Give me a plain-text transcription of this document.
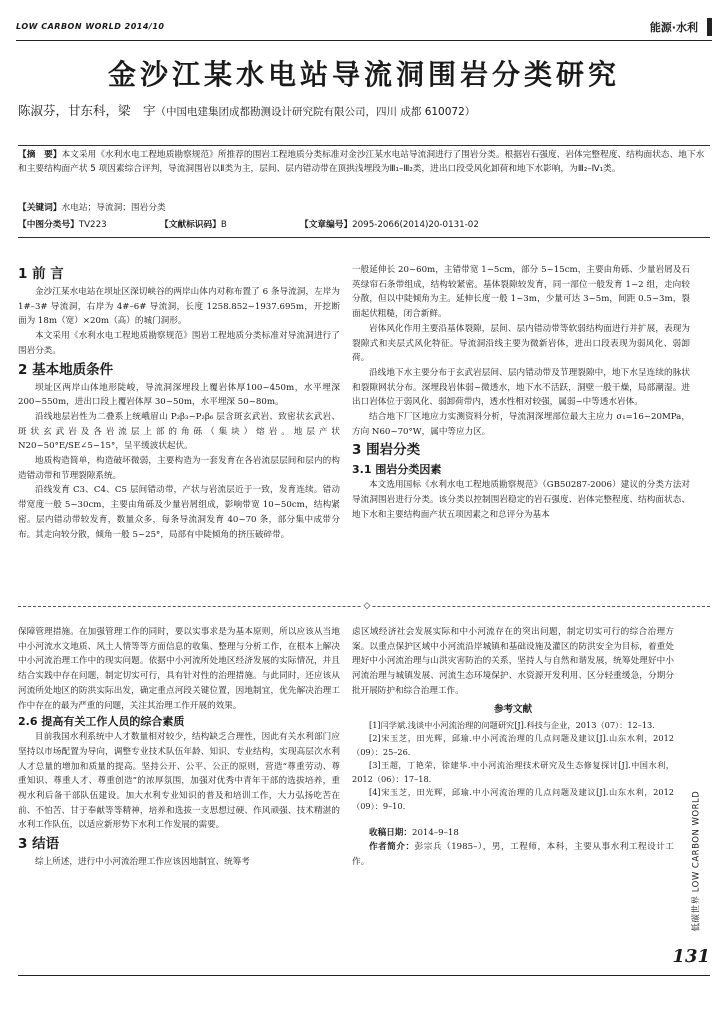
LOW CARBON WORLD 2014/10	能源·水利
金沙江某水电站导流洞围岩分类研究
陈淑芬，甘东科，梁　宇（中国电建集团成都勘测设计研究院有限公司，四川 成都 610072）
【摘　要】本文采用《水利水电工程地质勘察规范》所推荐的围岩工程地质分类标准对金沙江某水电站导流洞进行了围岩分类。根据岩石强度、岩体完整程度、结构面状态、地下水和主要结构面产状 5 项因素综合评判，导流洞围岩以Ⅱ类为主，层间、层内错动带在顶拱浅埋段为Ⅲ₁–Ⅲ₂类，进出口段受风化卸荷和地下水影响，为Ⅲ₂–Ⅳ₁类。
【关键词】水电站；导流洞；围岩分类
【中图分类号】TV223	【文献标识码】B	【文章编号】2095-2066(2014)20-0131-02
1 前 言

金沙江某水电站在坝址区深切峡谷的两岸山体内对称布置了 6 条导流洞，左岸为 1#–3# 导流洞，右岸为 4#–6# 导流洞，长度 1258.852~1937.695m，开挖断面为 18m（宽）×20m（高）的城门洞形。

本文采用《水利水电工程地质勘察规范》围岩工程地质分类标准对导流洞进行了围岩分类。

2 基本地质条件

坝址区两岸山体地形陡峻，导流洞深埋段上覆岩体厚100~450m，水平埋深 200~550m，进出口段上覆岩体厚 30~50m，水平埋深 50~80m。

沿线地层岩性为二叠系上统峨眉山 P₂β₃~P₂β₆ 层含斑玄武岩、致密状玄武岩、斑状玄武岩及各岩流层上部的角砾（集块）熔岩。地层产状 N20~50°E/SE∠5~15°，呈平缓波状起伏。

地质构造简单，构造破坏微弱，主要构造为一套发育在各岩流层层间和层内的构造错动带和节理裂隙系统。

沿线发育 C3、C4、C5 层间错动带，产状与岩流层近于一致，发育连续。错动带宽度一般 5~30cm，主要由角砾及少量岩屑组成，影响带宽 10~50cm，结构紧密。层内错动带较发育，数量众多，每条导流洞发育 40~70 条，部分集中成带分布。其走向较分散，倾角一般 5~25°，局部有中陡倾角的挤压破碎带。

一般延伸长 20~60m，主错带宽 1~5cm，部分 5~15cm，主要由角砾、少量岩屑及石英绿帘石条带组成，结构较紧密。基体裂隙较发育，同一部位一般发育 1~2 组，走向较分散，但以中陡倾角为主。延伸长度一般 1~3m，少量可达 3~5m，间距 0.5~3m，裂面起伏粗糙，闭合新鲜。

岩体风化作用主要沿基体裂隙，层间、层内错动带等软弱结构面进行并扩展，表现为裂隙式和夹层式风化特征。导流洞沿线主要为微新岩体，进出口段表现为弱风化、弱卸荷。

沿线地下水主要分布于玄武岩层间、层内错动带及节理裂隙中，地下水呈连续的脉状和裂隙网状分布。深埋段岩体弱~微透水，地下水不活跃，洞壁一般干燥，局部潮湿。进出口岩体位于弱风化、弱卸荷带内，透水性相对较强，属弱~中等透水岩体。

结合地下厂区地应力实测资料分析，导流洞深埋部位最大主应力 σ₁=16~20MPa，方向 N60~70°W，属中等应力区。

3 围岩分类
3.1 围岩分类因素

本文选用国标《水利水电工程地质勘察规范》（GB50287-2006）建议的分类方法对导流洞围岩进行分类。该分类以控制围岩稳定的岩石强度、岩体完整程度、结构面状态、地下水和主要结构面产状五项因素之和总评分为基本

◇

保障管理措施。在加强管理工作的同时，要以实事求是为基本原则，所以应该从当地中小河流水文地质、风土人情等等方面信息的收集、整理与分析工作，在根本上解决中小河流治理工作中的现实问题。依据中小河流所处地区经济发展的实际情况，并且结合实践中存在问题，制定切实可行，具有针对性的治理措施。与此同时，还应该从河流所处地区的防洪实际出发，确定重点河段关键位置，因地制宜，优先解决治理工作中存在的最为严重的问题，关注其治理工作开展的效果。

2.6 提高有关工作人员的综合素质

目前我国水利系统中人才数量相对较少，结构缺乏合理性，因此有关水利部门应坚持以市场配置为导向，调整专业技术队伍年龄、知识、专业结构，实现高层次水利人才总量的增加和质量的提高。坚持公开、公平、公正的原则，营造“尊重劳动、尊重知识、尊重人才、尊重创造”的浓厚氛围，加强对优秀中青年干部的选拔培养，重视水利后备干部队伍建设。加大水利专业知识的普及和培训工作，大力弘扬吃苦在前、不怕苦、甘于奉献等等精神，培养和选拔一支思想过硬、作风顽强、技术精湛的水利工作队伍，以适应新形势下水利工作发展的需要。

3 结语

综上所述，进行中小河流治理工作应该因地制宜、统筹考

虑区域经济社会发展实际和中小河流存在的突出问题，制定切实可行的综合治理方案。以重点保护区域中小河流沿岸城镇和基础设施及灌区的防洪安全为目标，着重处理好中小河流治理与山洪灾害防治的关系，坚持人与自然和谐发展，统筹处理好中小河流治理与城镇发展、河流生态环境保护、水资源开发利用、区分轻重缓急，分期分批开展防护和综合治理工作。

参考文献

[1]闫学斌.浅谈中小河流治理的问题研究[J].科技与企业，2013（07）：12–13.

[2]宋玉芝，田光辉，邱瑜.中小河流治理的几点问题及建议[J].山东水利，2012（09）：25–26.

[3]王超，丁艳荣，徐建华.中小河流治理技术研究及生态修复探讨[J].中国水利，2012（06）：17–18.

[4]宋玉芝，田光辉，邱瑜.中小河流治理的几点问题及建议[J].山东水利，2012（09）：9–10.

收稿日期：2014–9–18

作者简介：彭宗兵（1985–），男，工程师，本科，主要从事水利工程设计工作。	低碳世界 LOW CARBON WORLD
131
